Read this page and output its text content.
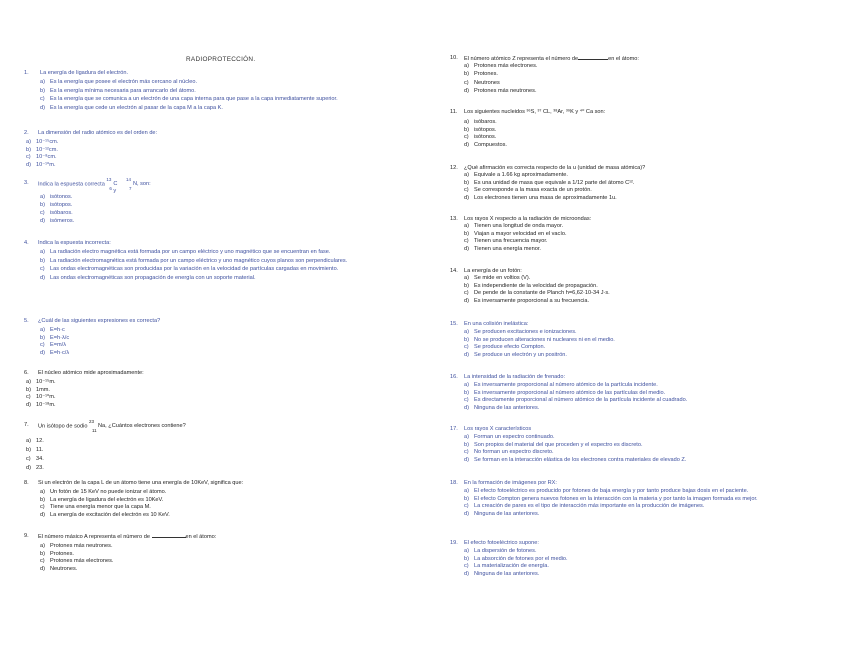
RADIOPROTECCIÓN.
1.	La energía de ligadura del electrón.
a) Es la energía que posee el electrón más cercano al núcleo.
b) Es la energía mínima necesaria para arrancarlo del átomo.
c) Es la energía que se comunica a un electrón de una capa interna para que pase a la capa inmediatamente superior.
d) Es la energía que cede un electrón al pasar de la capa M a la capa K.
2.	La dimensión del radio atómico es del orden de:
a) 10⁻¹⁵cm.
b) 10⁻¹²cm.
c) 10⁻⁸cm.
d) 10⁻¹⁰m.
3.	Indica la espuesta correcta
13
6
C y

14
7
N, son:
a) isótonos.
b) isótopos.
c) isóbaros.
d) isómeros.
4.	Indica la espuesta incorrecta:
a) La radiación electro magnética está formada por un campo eléctrico y uno magnético que se encuentran en fase.
b) La radiación electromagnética está formada por un campo eléctrico y uno magnético cuyos planos son perpendiculares.
c) Las ondas electromagnéticas son producidas por la variación en la velocidad de partículas cargadas en movimiento.
d) Las ondas electromagnéticas son propagación de energía con un soporte material.
5.	¿Cuál de las siguientes expresiones es correcta?
a) E=h·c
b) E=h·λ/c
c) E=m/λ
d) E=h·c/λ
6.	El núcleo atómico mide aproximadamente:
a) 10⁻¹⁵m.
b) 1mm.
c) 10⁻¹⁰m.
d) 10⁻¹⁸m.
7.	Un isótopo de sodio
23
11
Na, ¿Cuántos electrones contiene?
a) 12.
b) 11.
c) 34.
d) 23.
8.	Si un electrón de la capa L de un átomo tiene una energía de 10KeV, significa que:
a) Un fotón de 15 KeV no puede ionizar el átomo.
b) La energía de ligadura del electrón es 10KeV.
c) Tiene una energía menor que la capa M.
d) La energía de excitación del electrón es 10 KeV.
9.	El número másico A representa el número de	en el átomo:
a) Protones más neutrones.
b) Protones.
c) Protones más electrones.
d) Neutrones.
10.	El número atómico Z representa el número de	en el átomo:
a) Protones más electrones.
b) Protones.
c) Neutrones
d) Protones más neutrones.
11.	Los siguientes nucleidos ³⁶S, ³⁷ CL, ³⁸Ar, ³⁹K y ⁴⁰ Ca son:
a) isóbaros.
b) isótopos.
c) isótonos.
d) Compuestos.
12.	¿Qué afirmación es correcta respecto de la u (unidad de masa atómica)?
a) Equivale a 1.66 kg aproximadamente.
b) Es una unidad de masa que equivale a 1/12 parte del átomo C¹².
c) Se corresponde a la masa exacta de un protón.
d) Los electrones tienen una masa de aproximadamente 1u.
13.	Los rayos X respecto a la radiación de microondas:
a) Tienen una longitud de onda mayor.
b) Viajan a mayor velocidad en el vacío.
c) Tienen una frecuencia mayor.
d) Tienen una energía menor.
14.	La energía de un fotón:
a) Se mide en voltios (V).
b) Es independiente de la velocidad de propagación.
c) De pende de la constante de Planch h=6,62·10-34 J·s.
d) Es inversamente proporcional a su frecuencia.
15.	En una colisión inelástica:
a) Se producen excitaciones e ionizaciones.
b) No se producen alteraciones ni nucleares ni en el medio.
c) Se produce efecto Compton.
d) Se produce un electrón y un positrón.
16.	La intensidad de la radiación de frenado:
a) Es inversamente proporcional al número atómico de la partícula incidente.
b) Es inversamente proporcional al número atómico de las partículas del medio.
c) Es directamente proporcional al número atómico de la partícula incidente al cuadrado.
d) Ninguna de las anteriores.
17.	Los rayos X característicos
a) Forman un espectro continuado.
b) Son propios del material del que proceden y el espectro es discreto.
c) No forman un espectro discreto.
d) Se forman en la interacción elástica de los electrones contra materiales de elevado Z.
18.	En la formación de imágenes por RX:
a) El efecto fotoeléctrico es producido por fotones de baja energía y por tanto produce bajas dosis en el paciente.
b) El efecto Compton genera nuevos fotones en la interacción con la materia y por tanto la imagen formada es mejor.
c) La creación de pares es el tipo de interacción más importante en la producción de imágenes.
d) Ninguna de las anteriores.
19.	El efecto fotoeléctrico supone:
a) La dispersión de fotones.
b) La absorción de fotones por el medio.
c) La materialización de energía.
d) Ninguna de las anteriores.
